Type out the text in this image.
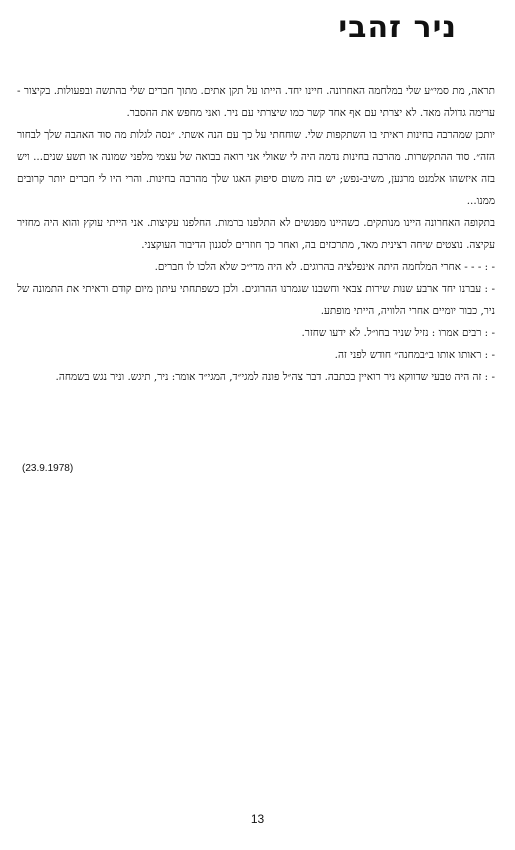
ניר זהבי

תראה, מת סמי״ע שלי במלחמה האחרונה. חיינו יחד. הייתו על תקן אתים. מתוך חברים שלי בהתשה ובפעולות. בקיצור - ערימה גדולה מאד. לא יצרתי עם אף אחד קשר כמו שיצרתי עם ניר. ואני מחפש את ההסבר.

יותכן שמהרבה בחינות ראיתי בו השתקפות שלי. שוחחתי על כך עם הנה אשתי. ״נסה לגלות מה סוד האהבה שלך לבחור הזה״. סוד ההתקשרות. מהרבה בחינות נדמה היה לי שאולי אני רואה בבואה של עצמי מלפני שמונה או תשע שנים... ויש בזה איזשהו אלמנט מרגען, משיב-נפש; יש בזה משום סיפוק האגו שלך מהרבה בחינות. והרי היו לי חברים יותר קרובים ממנו...

בתקופה האחרונה היינו מנותקים. כשהיינו מפגשים לא התלפנו ברמות. החלפנו עקיצות. אני הייתי עוקץ והוא היה מחזיר עקיצה. נוצטים שיחה רצינית מאד, מתרכזים בה, ואחר כך חוזרים לסגנון הדיבור העוקצני.

- : - - - אחרי המלחמה היתה אינפלציה בהרוגים. לא היה מדי״כ שלא הלכו לו חברים.

- : עברנו יחד ארבע שנות שירות צבאי וחשבנו שגמרנו ההרוגים. ולכן כשפתחתי עיתון מיום קודם וראיתי את התמונה של ניר, כבור יומיים אחרי הלוויה, הייתי מופתע.

- : רבים אמרו : נזיל שניר בחו״ל. לא ידעו שחזר.

- : ראותו אותו ב״במחנה״ חודש לפני זה.

- : זה היה טבעי שדווקא ניר רואיין בכתבה. דבר צה״ל פונה למגי״ד, המגי״ד אומר: ניר, תיגש. וניר נגש בשמחה.

(23.9.1978)
13
